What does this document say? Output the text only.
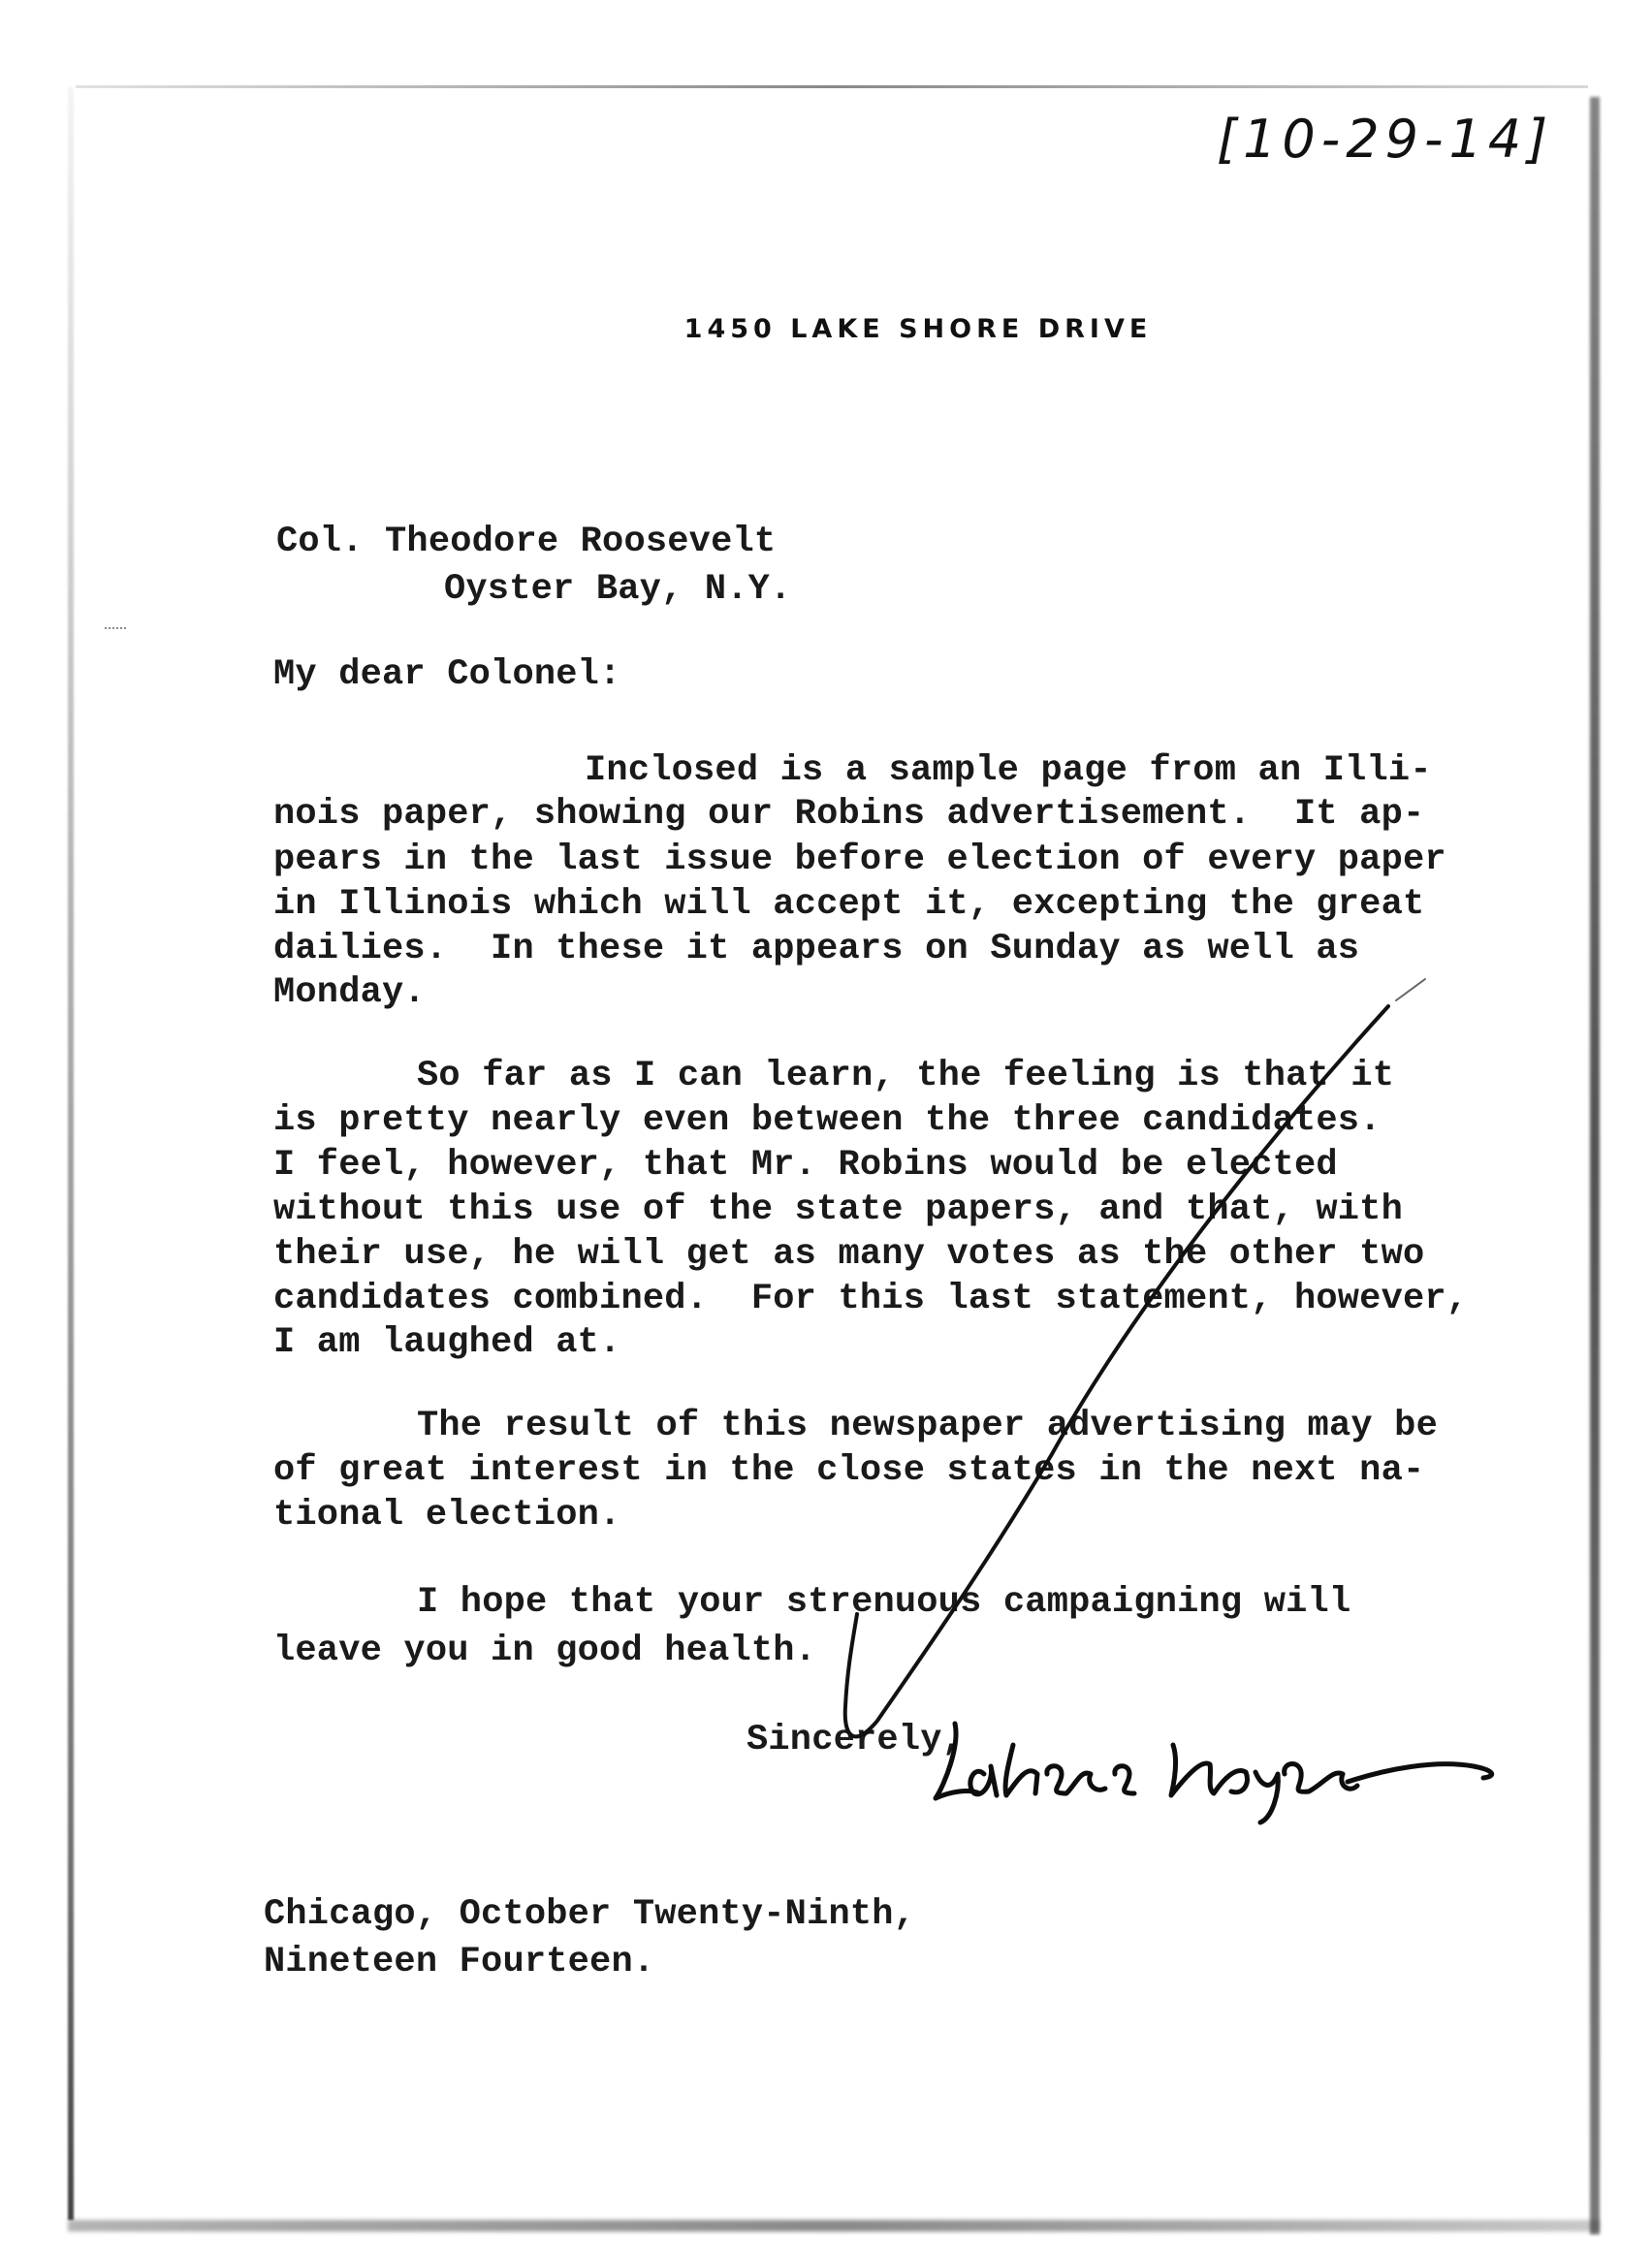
[10-29-14]
1450 LAKE SHORE DRIVE
Col. Theodore Roosevelt
Oyster Bay, N.Y.
My dear Colonel:
Inclosed is a sample page from an Illi-
nois paper, showing our Robins advertisement.  It ap-
pears in the last issue before election of every paper
in Illinois which will accept it, excepting the great
dailies.  In these it appears on Sunday as well as
Monday.
So far as I can learn, the feeling is that it
is pretty nearly even between the three candidates.
I feel, however, that Mr. Robins would be elected
without this use of the state papers, and that, with
their use, he will get as many votes as the other two
candidates combined.  For this last statement, however,
I am laughed at.
The result of this newspaper advertising may be
of great interest in the close states in the next na-
tional election.
I hope that your strenuous campaigning will
leave you in good health.
Sincerely,
Chicago, October Twenty-Ninth,
Nineteen Fourteen.
